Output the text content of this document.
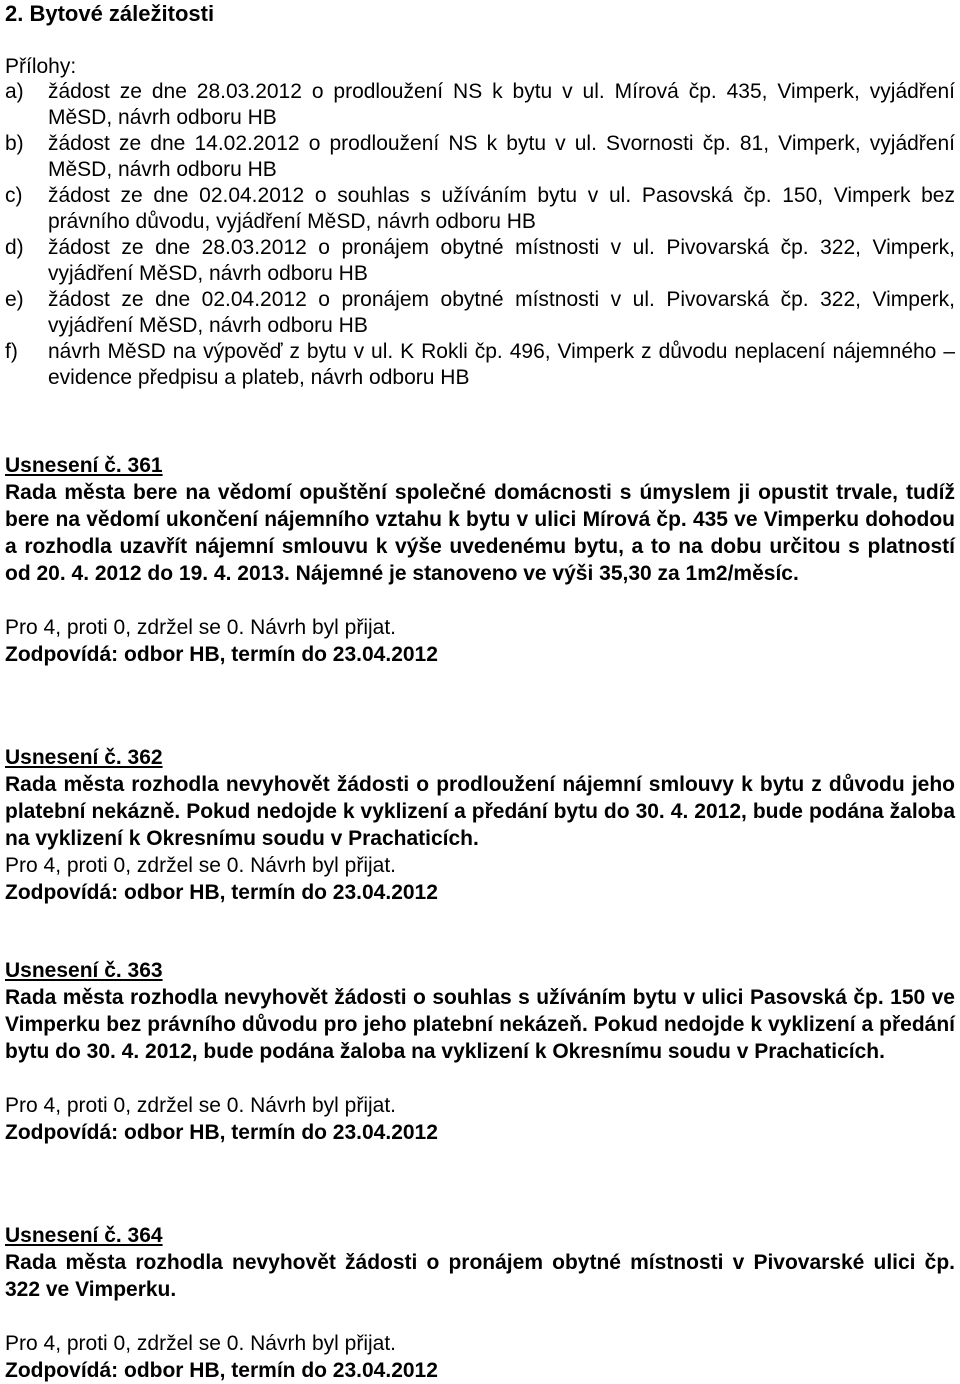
2. Bytové záležitosti
Přílohy:
a) žádost ze dne 28.03.2012 o prodloužení NS k bytu v ul. Mírová čp. 435, Vimperk, vyjádření MěSD, návrh odboru HB
b) žádost ze dne 14.02.2012 o prodloužení NS k bytu v ul. Svornosti čp. 81, Vimperk, vyjádření MěSD, návrh odboru HB
c) žádost ze dne 02.04.2012 o souhlas s užíváním bytu v ul. Pasovská čp. 150, Vimperk bez právního důvodu, vyjádření MěSD, návrh odboru HB
d) žádost ze dne 28.03.2012 o pronájem obytné místnosti v ul. Pivovarská čp. 322, Vimperk, vyjádření MěSD, návrh odboru HB
e) žádost ze dne 02.04.2012 o pronájem obytné místnosti v ul. Pivovarská čp. 322, Vimperk, vyjádření MěSD, návrh odboru HB
f) návrh MěSD na výpověď z bytu v ul. K Rokli čp. 496, Vimperk z důvodu neplacení nájemného – evidence předpisu a plateb, návrh odboru HB
Usnesení č. 361
Rada města bere na vědomí opuštění společné domácnosti s úmyslem ji opustit trvale, tudíž bere na vědomí ukončení nájemního vztahu k bytu v ulici Mírová čp. 435 ve Vimperku dohodou a rozhodla uzavřít nájemní smlouvu k výše uvedenému bytu, a to na dobu určitou s platností od 20. 4. 2012 do 19. 4. 2013. Nájemné je stanoveno ve výši 35,30 za 1m2/měsíc.
Pro 4, proti 0, zdržel se 0. Návrh byl přijat.
Zodpovídá: odbor HB, termín do 23.04.2012
Usnesení č. 362
Rada města rozhodla nevyhovět žádosti o prodloužení nájemní smlouvy k bytu z důvodu jeho platební nekázně. Pokud nedojde k vyklizení a předání bytu do 30. 4. 2012, bude podána žaloba na vyklizení k Okresnímu soudu v Prachaticích.
Pro 4, proti 0, zdržel se 0. Návrh byl přijat.
Zodpovídá: odbor HB, termín do 23.04.2012
Usnesení č. 363
Rada města rozhodla nevyhovět žádosti o souhlas s užíváním bytu v ulici Pasovská čp. 150 ve Vimperku bez právního důvodu pro jeho platební nekázeň. Pokud nedojde k vyklizení a předání bytu do 30. 4. 2012, bude podána žaloba na vyklizení k Okresnímu soudu v Prachaticích.
Pro 4, proti 0, zdržel se 0. Návrh byl přijat.
Zodpovídá: odbor HB, termín do 23.04.2012
Usnesení č. 364
Rada města rozhodla nevyhovět žádosti o pronájem obytné místnosti v Pivovarské ulici čp. 322 ve Vimperku.
Pro 4, proti 0, zdržel se 0. Návrh byl přijat.
Zodpovídá: odbor HB, termín do 23.04.2012
